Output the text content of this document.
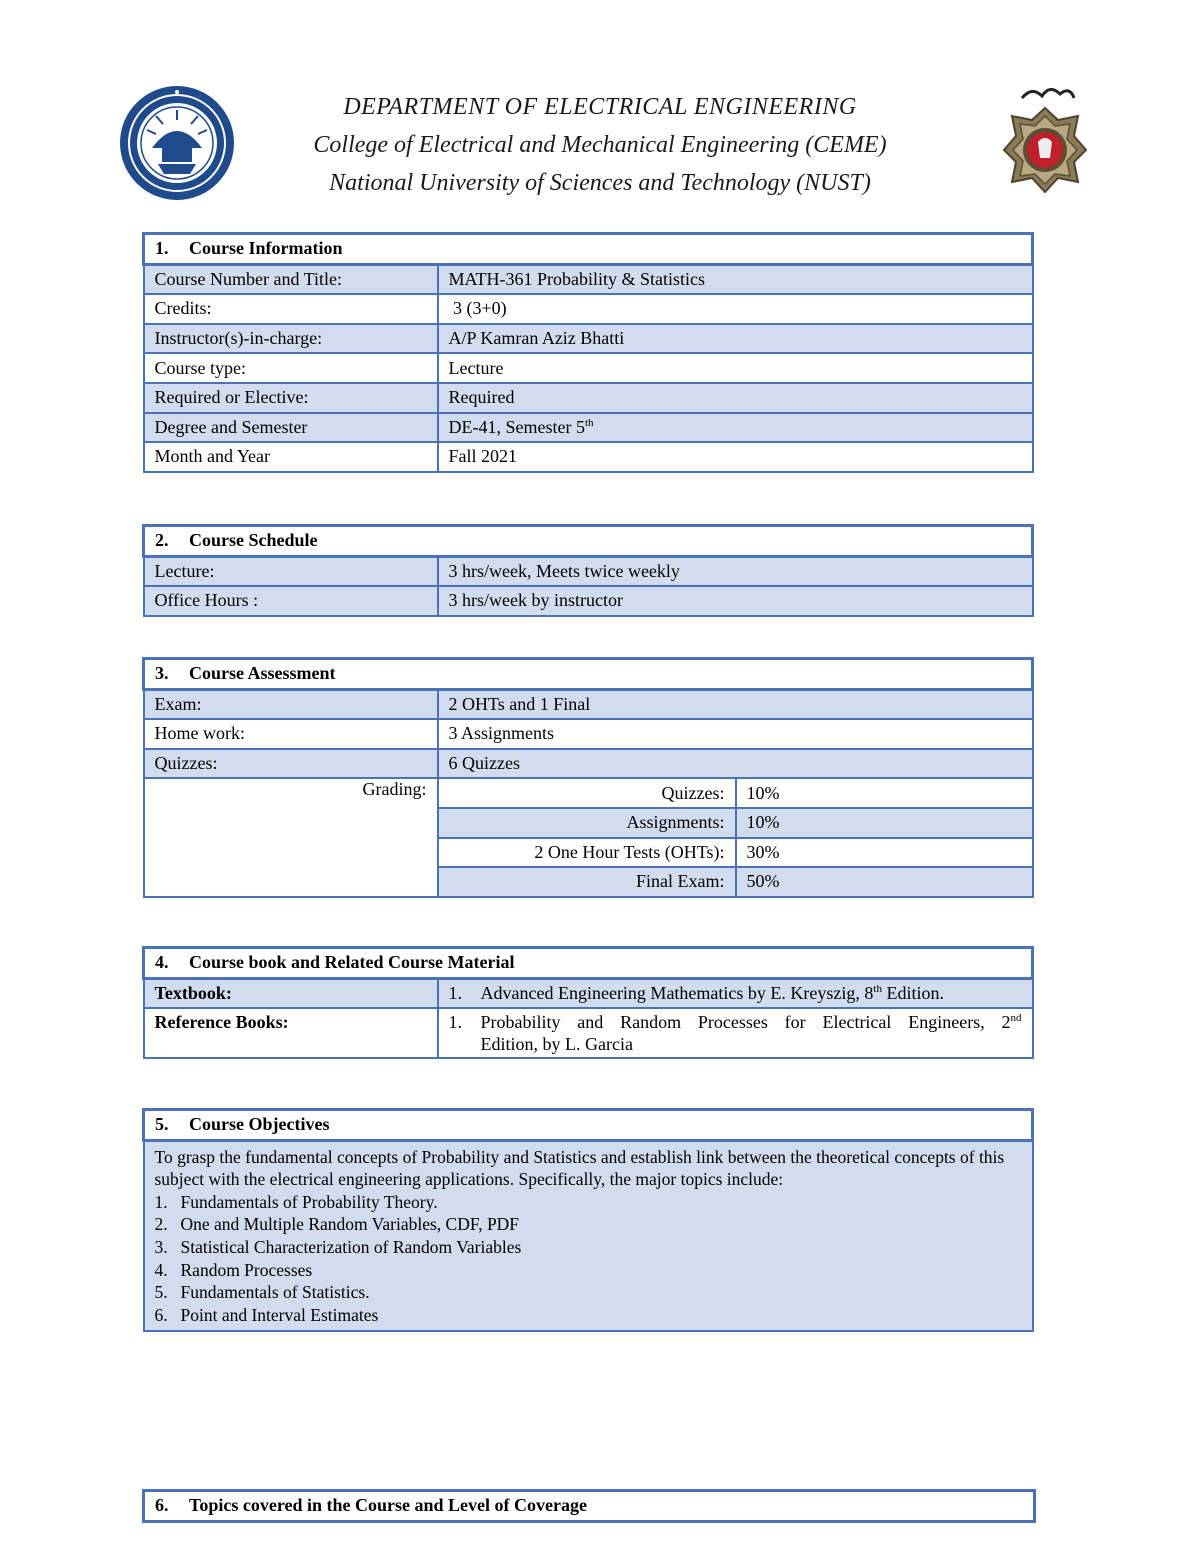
DEPARTMENT OF ELECTRICAL ENGINEERING
College of Electrical and Mechanical Engineering (CEME)
National University of Sciences and Technology (NUST)
1. Course Information	
Course Number and Title:	MATH-361 Probability & Statistics
Credits:	3 (3+0)
Instructor(s)-in-charge:	A/P Kamran Aziz Bhatti
Course type:	Lecture
Required or Elective:	Required
Degree and Semester	DE-41, Semester 5th
Month and Year	Fall 2021
2. Course Schedule	
Lecture:	3 hrs/week, Meets twice weekly
Office Hours :	3 hrs/week by instructor
3. Course Assessment		
Exam:	2 OHTs and 1 Final	
Home work:	3 Assignments	
Quizzes:	6 Quizzes	
Grading:	Quizzes:	10%
	Assignments:	10%
	2 One Hour Tests (OHTs):	30%
	Final Exam:	50%
4. Course book and Related Course Material	
Textbook:	1. Advanced Engineering Mathematics by E. Kreyszig, 8th Edition.
Reference Books:	1. Probability and Random Processes for Electrical Engineers, 2nd
Edition, by L. Garcia
5. Course Objectives

To grasp the fundamental concepts of Probability and Statistics and establish link between the theoretical concepts of this subject with the electrical engineering applications. Specifically, the major topics include:
1. Fundamentals of Probability Theory.
2. One and Multiple Random Variables, CDF, PDF
3. Statistical Characterization of Random Variables
4. Random Processes
5. Fundamentals of Statistics.
6. Point and Interval Estimates
6. Topics covered in the Course and Level of Coverage
